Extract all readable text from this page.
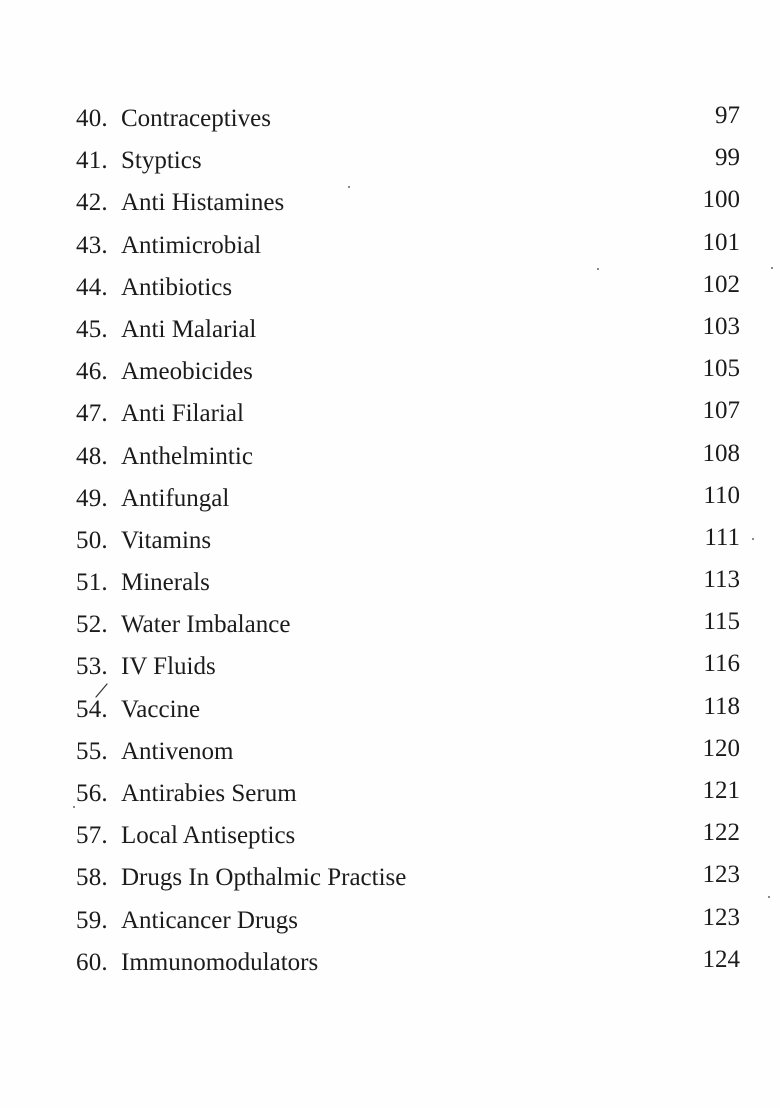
40. Contraceptives	97
41. Styptics	99
42. Anti Histamines	100
43. Antimicrobial	101
44. Antibiotics	102
45. Anti Malarial	103
46. Ameobicides	105
47. Anti Filarial	107
48. Anthelmintic	108
49. Antifungal	110
50. Vitamins	111
51. Minerals	113
52. Water Imbalance	115
53. IV Fluids	116
54. Vaccine	118
55. Antivenom	120
56. Antirabies Serum	121
57. Local Antiseptics	122
58. Drugs In Opthalmic Practise	123
59. Anticancer Drugs	123
60. Immunomodulators	124
